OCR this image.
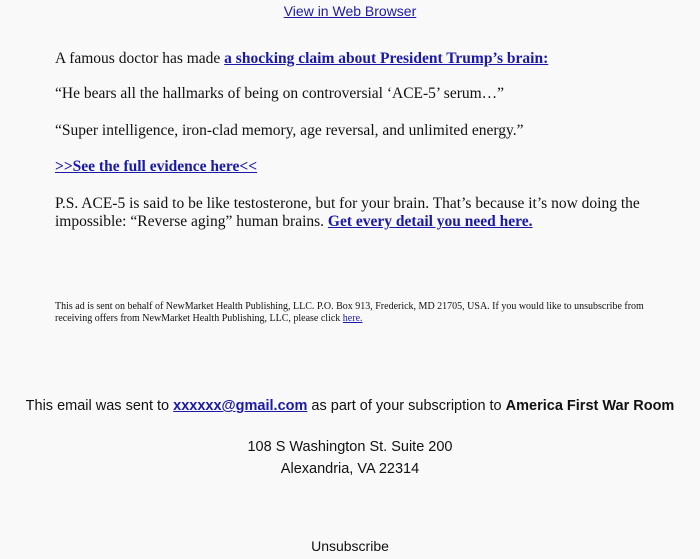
View in Web Browser

A famous doctor has made a shocking claim about President Trump’s brain:

“He bears all the hallmarks of being on controversial ‘ACE-5’ serum…”

“Super intelligence, iron-clad memory, age reversal, and unlimited energy.”

>>See the full evidence here<<

P.S. ACE-5 is said to be like testosterone, but for your brain. That’s because it’s now doing the impossible: “Reverse aging” human brains. Get every detail you need here.

This ad is sent on behalf of NewMarket Health Publishing, LLC. P.O. Box 913, Frederick, MD 21705, USA. If you would like to unsubscribe from receiving offers from NewMarket Health Publishing, LLC, please click here.
This email was sent to xxxxxx@gmail.com as part of your subscription to America First War Room
108 S Washington St. Suite 200
Alexandria, VA 22314
Unsubscribe
